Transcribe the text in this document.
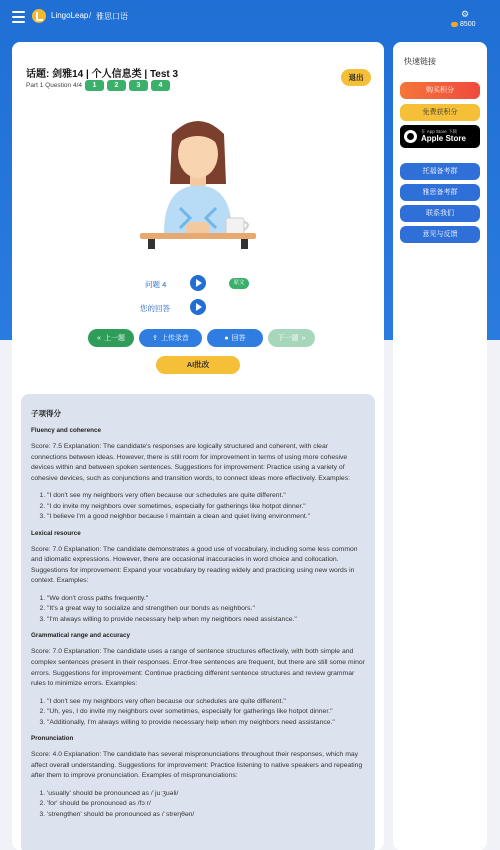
LingoLeap / 雅思口语	⚙
8500
话题: 剑雅14 | 个人信息类 | Test 3
Part 1 Question 4/4	1	2	3	4
退出
问题 4	原文
您的回答
« 上一题	⇪ 上传录音	● 回答	下一题 »
AI批改
子项得分
Fluency and coherence

Score: 7.5 Explanation: The candidate's responses are logically structured and coherent, with clear connections between ideas. However, there is still room for improvement in terms of using more cohesive devices within and between spoken sentences. Suggestions for improvement: Practice using a variety of cohesive devices, such as conjunctions and transition words, to connect ideas more effectively. Examples:

1. "I don't see my neighbors very often because our schedules are quite different."
2. "I do invite my neighbors over sometimes, especially for gatherings like hotpot dinner."
3. "I believe I'm a good neighbor because I maintain a clean and quiet living environment."
Lexical resource

Score: 7.0 Explanation: The candidate demonstrates a good use of vocabulary, including some less common and idiomatic expressions. However, there are occasional inaccuracies in word choice and collocation. Suggestions for improvement: Expand your vocabulary by reading widely and practicing using new words in context. Examples:

1. "We don't cross paths frequently."
2. "It's a great way to socialize and strengthen our bonds as neighbors."
3. "I'm always willing to provide necessary help when my neighbors need assistance."
Grammatical range and accuracy

Score: 7.0 Explanation: The candidate uses a range of sentence structures effectively, with both simple and complex sentences present in their responses. Error-free sentences are frequent, but there are still some minor errors. Suggestions for improvement: Continue practicing different sentence structures and review grammar rules to minimize errors. Examples:

1. "I don't see my neighbors very often because our schedules are quite different."
2. "Uh, yes, I do invite my neighbors over sometimes, especially for gatherings like hotpot dinner."
3. "Additionally, I'm always willing to provide necessary help when my neighbors need assistance."
Pronunciation

Score: 4.0 Explanation: The candidate has several mispronunciations throughout their responses, which may affect overall understanding. Suggestions for improvement: Practice listening to native speakers and repeating after them to improve pronunciation. Examples of mispronunciations:

1. 'usually' should be pronounced as /ˈjuːʒuəli/
2. 'for' should be pronounced as /fɔːr/
3. 'strengthen' should be pronounced as /ˈstreŋθən/
快速链接
购买积分
免费获积分
在 App Store 下载
Apple Store
托福备考群
雅思备考群
联系我们
意见与反馈
